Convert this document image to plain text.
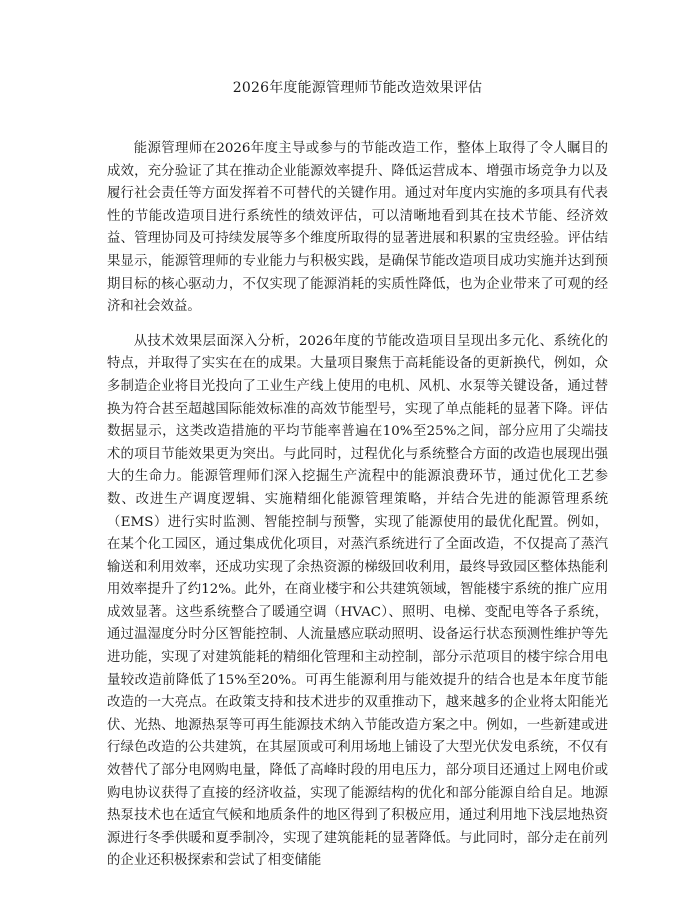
2026年度能源管理师节能改造效果评估

能源管理师在2026年度主导或参与的节能改造工作，整体上取得了令人瞩目的成效，充分验证了其在推动企业能源效率提升、降低运营成本、增强市场竞争力以及履行社会责任等方面发挥着不可替代的关键作用。通过对年度内实施的多项具有代表性的节能改造项目进行系统性的绩效评估，可以清晰地看到其在技术节能、经济效益、管理协同及可持续发展等多个维度所取得的显著进展和积累的宝贵经验。评估结果显示，能源管理师的专业能力与积极实践，是确保节能改造项目成功实施并达到预期目标的核心驱动力，不仅实现了能源消耗的实质性降低，也为企业带来了可观的经济和社会效益。

从技术效果层面深入分析，2026年度的节能改造项目呈现出多元化、系统化的特点，并取得了实实在在的成果。大量项目聚焦于高耗能设备的更新换代，例如，众多制造企业将目光投向了工业生产线上使用的电机、风机、水泵等关键设备，通过替换为符合甚至超越国际能效标准的高效节能型号，实现了单点能耗的显著下降。评估数据显示，这类改造措施的平均节能率普遍在10%至25%之间，部分应用了尖端技术的项目节能效果更为突出。与此同时，过程优化与系统整合方面的改造也展现出强大的生命力。能源管理师们深入挖掘生产流程中的能源浪费环节，通过优化工艺参数、改进生产调度逻辑、实施精细化能源管理策略，并结合先进的能源管理系统（EMS）进行实时监测、智能控制与预警，实现了能源使用的最优化配置。例如，在某个化工园区，通过集成优化项目，对蒸汽系统进行了全面改造，不仅提高了蒸汽输送和利用效率，还成功实现了余热资源的梯级回收利用，最终导致园区整体热能利用效率提升了约12%。此外，在商业楼宇和公共建筑领域，智能楼宇系统的推广应用成效显著。这些系统整合了暖通空调（HVAC）、照明、电梯、变配电等各子系统，通过温湿度分时分区智能控制、人流量感应联动照明、设备运行状态预测性维护等先进功能，实现了对建筑能耗的精细化管理和主动控制，部分示范项目的楼宇综合用电量较改造前降低了15%至20%。可再生能源利用与能效提升的结合也是本年度节能改造的一大亮点。在政策支持和技术进步的双重推动下，越来越多的企业将太阳能光伏、光热、地源热泵等可再生能源技术纳入节能改造方案之中。例如，一些新建或进行绿色改造的公共建筑，在其屋顶或可利用场地上铺设了大型光伏发电系统，不仅有效替代了部分电网购电量，降低了高峰时段的用电压力，部分项目还通过上网电价或购电协议获得了直接的经济收益，实现了能源结构的优化和部分能源自给自足。地源热泵技术也在适宜气候和地质条件的地区得到了积极应用，通过利用地下浅层地热资源进行冬季供暖和夏季制冷，实现了建筑能耗的显著降低。与此同时，部分走在前列的企业还积极探索和尝试了相变储能
